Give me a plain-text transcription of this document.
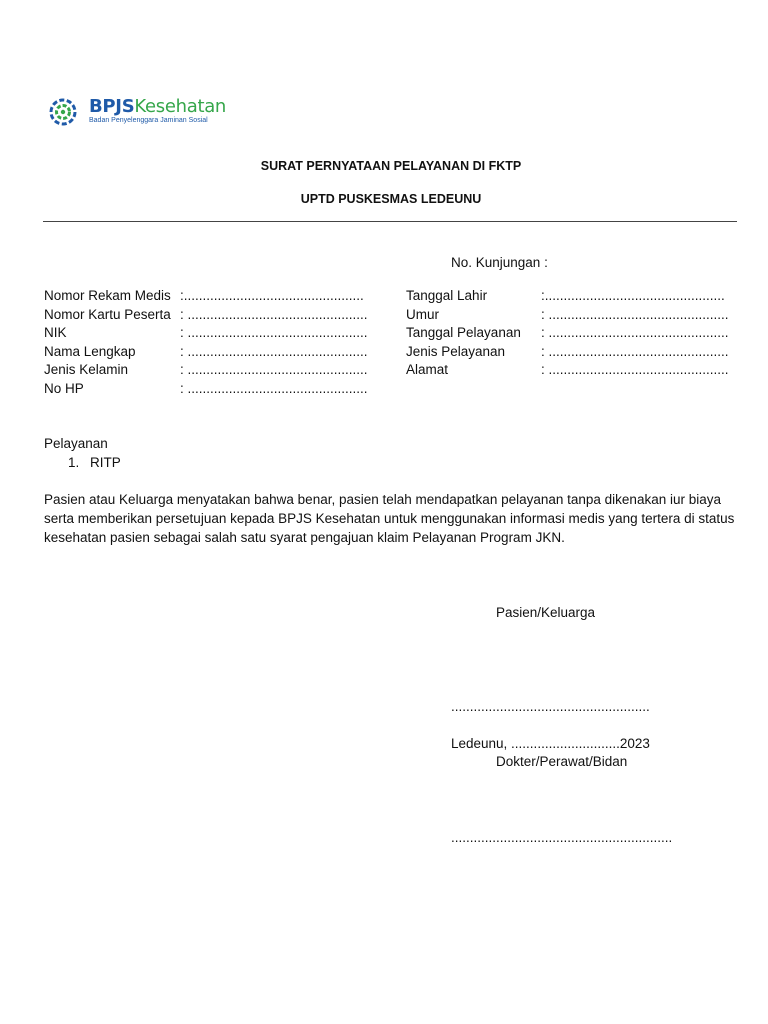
BPJSKesehatan
Badan Penyelenggara Jaminan Sosial
SURAT PERNYATAAN PELAYANAN DI FKTP
UPTD PUSKESMAS LEDEUNU
No. Kunjungan :
Nomor Rekam Medis :................................................
Nomor Kartu Peserta : ................................................
NIK	: ................................................
Nama Lengkap	: ................................................
Jenis Kelamin	: ................................................
No HP	: ................................................
Tanggal Lahir	:................................................
Umur	: ................................................
Tanggal Pelayanan : ................................................
Jenis Pelayanan	: ................................................
Alamat	: ................................................
Pelayanan
1. RITP
Pasien atau Keluarga menyatakan bahwa benar, pasien telah mendapatkan pelayanan tanpa dikenakan iur biaya serta memberikan persetujuan kepada BPJS Kesehatan untuk menggunakan informasi medis yang tertera di status kesehatan pasien sebagai salah satu syarat pengajuan klaim Pelayanan Program JKN.
Pasien/Keluarga
.....................................................
Ledeunu, .............................2023
Dokter/Perawat/Bidan
...........................................................
